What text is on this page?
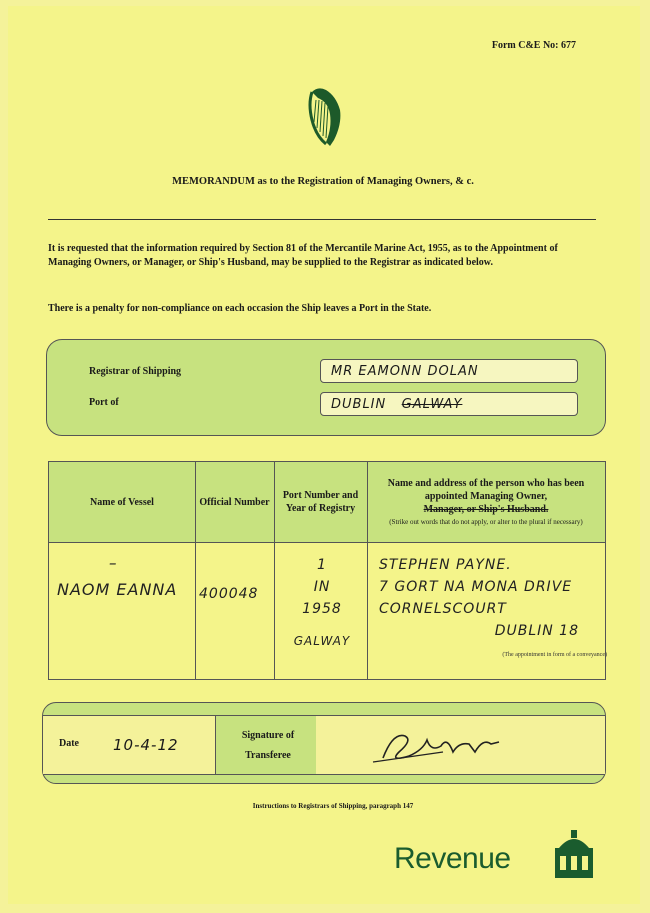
Form C&E No: 677
MEMORANDUM as to the Registration of Managing Owners, & c.
It is requested that the information required by Section 81 of the Mercantile Marine Act, 1955, as to the Appointment of Managing Owners, or Manager, or Ship's Husband, may be supplied to the Registrar as indicated below.
There is a penalty for non-compliance on each occasion the Ship leaves a Port in the State.
Registrar of Shipping
Port of
MR EAMONN DOLAN
DUBLIN GALWAY
Name of Vessel	Official Number
Port Number and Year of Registry
Name and address of the person who has been appointed Managing Owner,
Manager, or Ship's Husband.
(Strike out words that do not apply, or alter to the plural if necessary)
–
NAOM EANNA 400048
1
IN
1958
GALWAY
STEPHEN PAYNE.
7 GORT NA MONA DRIVE
CORNELSCOURT
DUBLIN 18
(The appointment in form of a conveyance)
Date	10-4-12
Signature of Transferee
Instructions to Registrars of Shipping, paragraph 147
Revenue
